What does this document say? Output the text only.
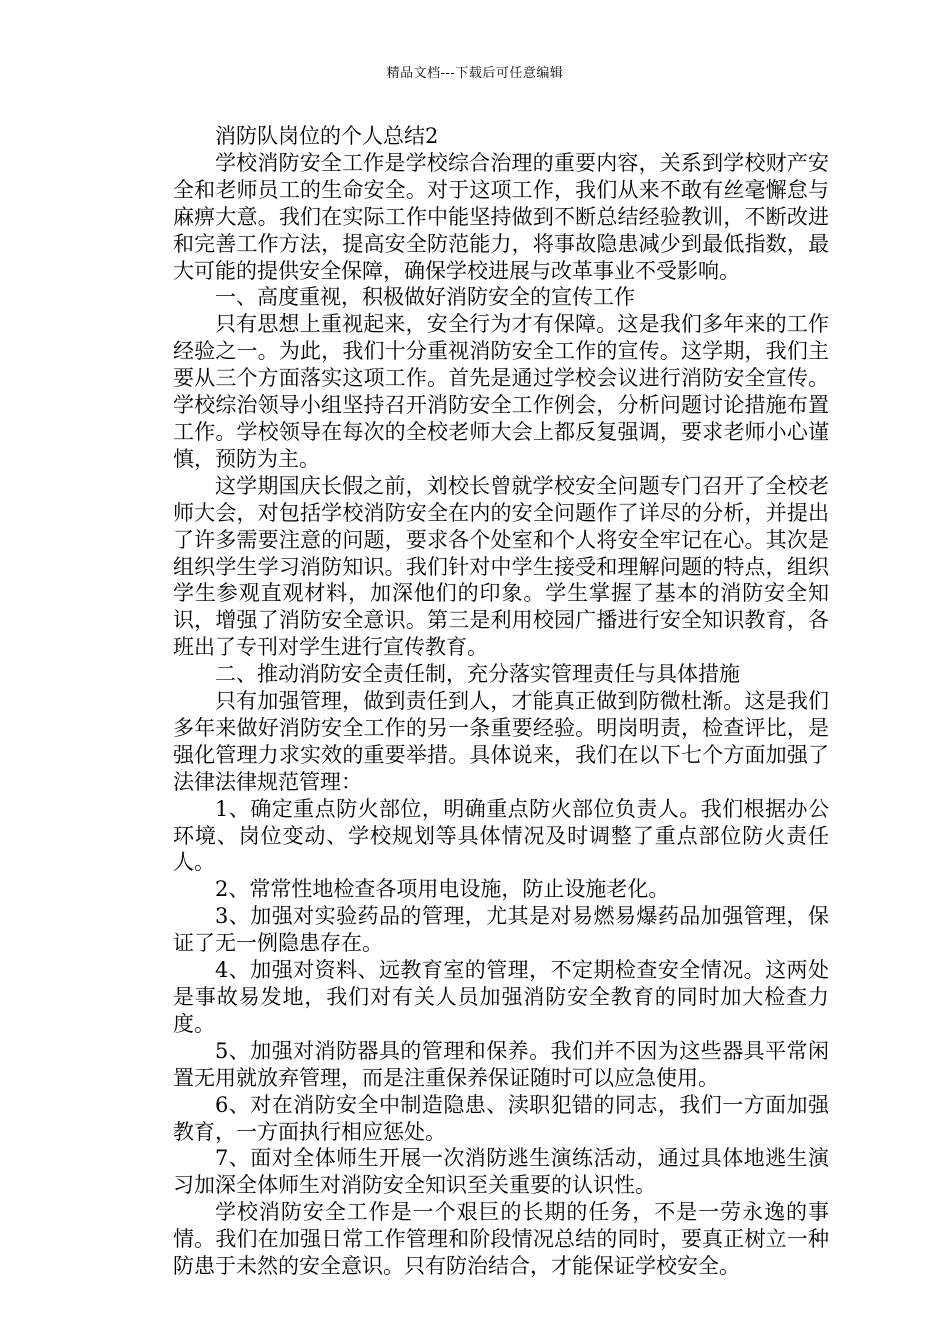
精品文档---下载后可任意编辑

消防队岗位的个人总结2

学校消防安全工作是学校综合治理的重要内容，关系到学校财产安全和老师员工的生命安全。对于这项工作，我们从来不敢有丝毫懈怠与麻痹大意。我们在实际工作中能坚持做到不断总结经验教训，不断改进和完善工作方法，提高安全防范能力，将事故隐患减少到最低指数，最大可能的提供安全保障，确保学校进展与改革事业不受影响。

一、高度重视，积极做好消防安全的宣传工作

只有思想上重视起来，安全行为才有保障。这是我们多年来的工作经验之一。为此，我们十分重视消防安全工作的宣传。这学期，我们主要从三个方面落实这项工作。首先是通过学校会议进行消防安全宣传。学校综治领导小组坚持召开消防安全工作例会，分析问题讨论措施布置工作。学校领导在每次的全校老师大会上都反复强调，要求老师小心谨慎，预防为主。

这学期国庆长假之前，刘校长曾就学校安全问题专门召开了全校老师大会，对包括学校消防安全在内的安全问题作了详尽的分析，并提出了许多需要注意的问题，要求各个处室和个人将安全牢记在心。其次是组织学生学习消防知识。我们针对中学生接受和理解问题的特点，组织学生参观直观材料，加深他们的印象。学生掌握了基本的消防安全知识，增强了消防安全意识。第三是利用校园广播进行安全知识教育，各班出了专刊对学生进行宣传教育。

二、推动消防安全责任制，充分落实管理责任与具体措施

只有加强管理，做到责任到人，才能真正做到防微杜渐。这是我们多年来做好消防安全工作的另一条重要经验。明岗明责，检查评比，是强化管理力求实效的重要举措。具体说来，我们在以下七个方面加强了法律法律规范管理：

1、确定重点防火部位，明确重点防火部位负责人。我们根据办公环境、岗位变动、学校规划等具体情况及时调整了重点部位防火责任人。

2、常常性地检查各项用电设施，防止设施老化。

3、加强对实验药品的管理，尤其是对易燃易爆药品加强管理，保证了无一例隐患存在。

4、加强对资料、远教育室的管理，不定期检查安全情况。这两处是事故易发地，我们对有关人员加强消防安全教育的同时加大检查力度。

5、加强对消防器具的管理和保养。我们并不因为这些器具平常闲置无用就放弃管理，而是注重保养保证随时可以应急使用。

6、对在消防安全中制造隐患、渎职犯错的同志，我们一方面加强教育，一方面执行相应惩处。

7、面对全体师生开展一次消防逃生演练活动，通过具体地逃生演习加深全体师生对消防安全知识至关重要的认识性。

学校消防安全工作是一个艰巨的长期的任务，不是一劳永逸的事情。我们在加强日常工作管理和阶段情况总结的同时，要真正树立一种防患于未然的安全意识。只有防治结合，才能保证学校安全。
